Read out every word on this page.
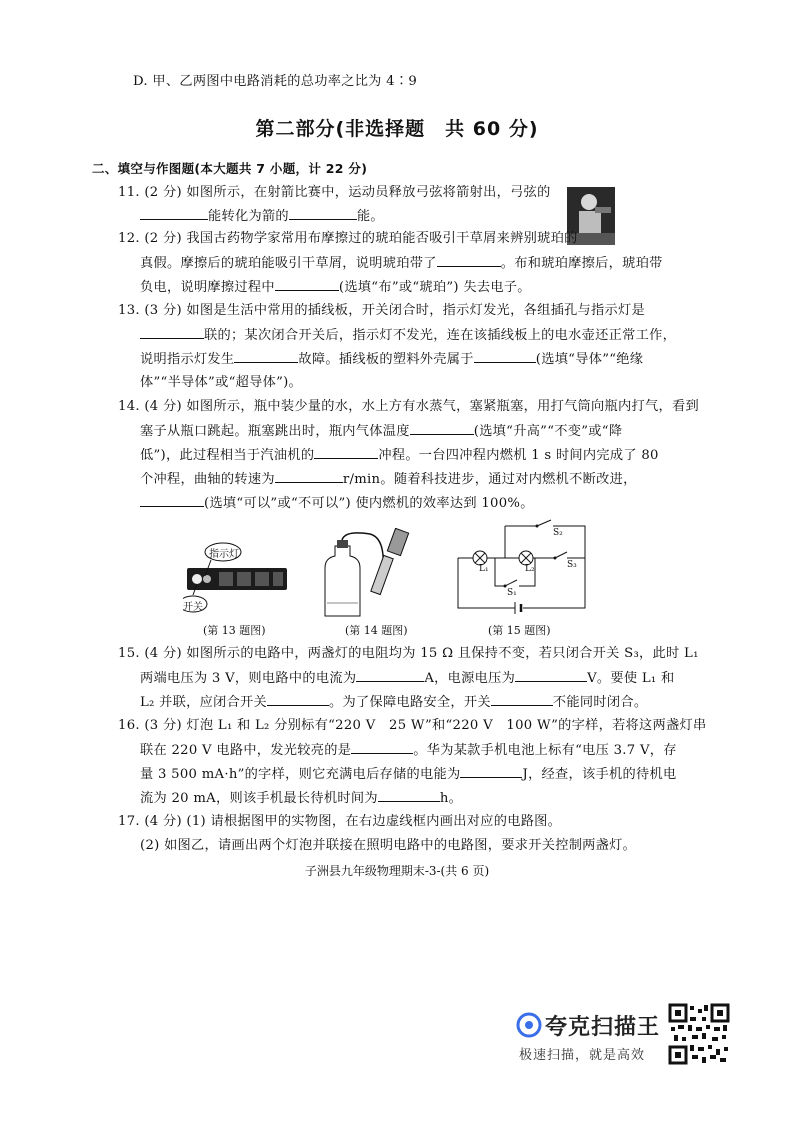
D. 甲、乙两图中电路消耗的总功率之比为 4∶9
第二部分(非选择题　共 60 分)
二、填空与作图题(本大题共 7 小题，计 22 分)
11. (2 分) 如图所示，在射箭比赛中，运动员释放弓弦将箭射出，弓弦的
能转化为箭的	能。
12. (2 分) 我国古药物学家常用布摩擦过的琥珀能否吸引干草屑来辨别琥珀的
真假。摩擦后的琥珀能吸引干草屑，说明琥珀带了	。布和琥珀摩擦后，琥珀带
负电，说明摩擦过程中	(选填“布”或“琥珀”) 失去电子。
13. (3 分) 如图是生活中常用的插线板，开关闭合时，指示灯发光，各组插孔与指示灯是
联的；某次闭合开关后，指示灯不发光，连在该插线板上的电水壶还正常工作，
说明指示灯发生	故障。插线板的塑料外壳属于	(选填“导体”“绝缘
体”“半导体”或“超导体”)。
14. (4 分) 如图所示，瓶中装少量的水，水上方有水蒸气，塞紧瓶塞，用打气筒向瓶内打气，看到
塞子从瓶口跳起。瓶塞跳出时，瓶内气体温度	(选填“升高”“不变”或“降
低”)，此过程相当于汽油机的	冲程。一台四冲程内燃机 1 s 时间内完成了 80
个冲程，曲轴的转速为	r/min。随着科技进步，通过对内燃机不断改进，
(选填“可以”或“不可以”) 使内燃机的效率达到 100%。
指示灯
开关
(第 13 题图)	(第 14 题图)
L₁	L₂
S₂
S₃
S₁
(第 15 题图)
15. (4 分) 如图所示的电路中，两盏灯的电阻均为 15 Ω 且保持不变，若只闭合开关 S₃，此时 L₁
两端电压为 3 V，则电路中的电流为	A，电源电压为	V。要使 L₁ 和
L₂ 并联，应闭合开关	。为了保障电路安全，开关	不能同时闭合。
16. (3 分) 灯泡 L₁ 和 L₂ 分别标有“220 V　25 W”和“220 V　100 W”的字样，若将这两盏灯串
联在 220 V 电路中，发光较亮的是	。华为某款手机电池上标有“电压 3.7 V，存
量 3 500 mA·h”的字样，则它充满电后存储的电能为	J，经查，该手机的待机电
流为 20 mA，则该手机最长待机时间为	h。
17. (4 分) (1) 请根据图甲的实物图，在右边虚线框内画出对应的电路图。
(2) 如图乙，请画出两个灯泡并联接在照明电路中的电路图，要求开关控制两盏灯。
子洲县九年级物理期末-3-(共 6 页)
夸克扫描王
极速扫描，就是高效
